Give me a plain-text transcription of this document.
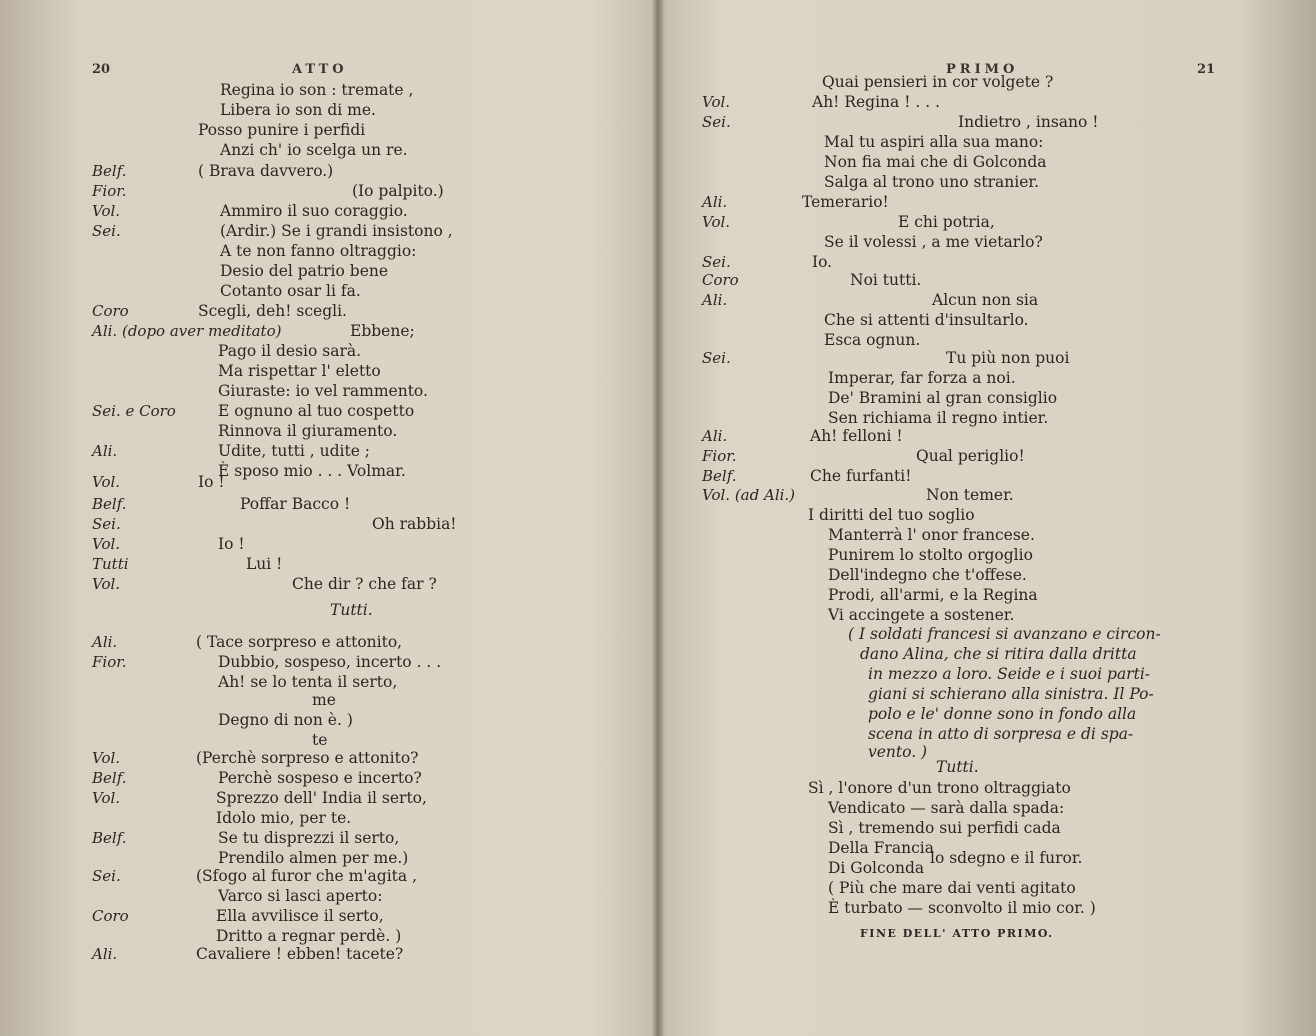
20	ATTO
Regina io son : tremate ,
Libera io son di me.
Posso punire i perfidi
Anzi ch' io scelga un re.
Belf.	( Brava davvero.)
Fior.	(Io palpito.)
Vol.	Ammiro il suo coraggio.
Sei.	(Ardir.) Se i grandi insistono ,
A te non fanno oltraggio:
Desio del patrio bene
Cotanto osar li fa.
Coro	Scegli, deh! scegli.
Ali. (dopo aver meditato)	Ebbene;
Pago il desio sarà.
Ma rispettar l' eletto
Giuraste: io vel rammento.
Sei. e Coro	E ognuno al tuo cospetto
Rinnova il giuramento.
Ali.	Udite, tutti , udite ;
È sposo mio . . . Volmar.
Vol.	Io !
Belf.	Poffar Bacco !
Sei.	Oh rabbia!
Vol.	Io !
Tutti	Lui !
Vol.	Che dir ? che far ?
Tutti.
Ali.	( Tace sorpreso e attonito,
Fior.	Dubbio, sospeso, incerto . . .
Ah! se lo tenta il serto,
me
Degno di non è. )
te
Vol.	(Perchè sorpreso e attonito?
Belf.	Perchè sospeso e incerto?
Vol.	Sprezzo dell' India il serto,
Idolo mio, per te.
Belf.	Se tu disprezzi il serto,
Prendilo almen per me.)
Sei.	(Sfogo al furor che m'agita ,
Varco si lasci aperto:
Coro	Ella avvilisce il serto,
Dritto a regnar perdè. )
Ali.	Cavaliere ! ebben! tacete?
PRIMO	21
Quai pensieri in cor volgete ?
Vol.	Ah! Regina ! . . .
Sei.	Indietro , insano !
Mal tu aspiri alla sua mano:
Non fia mai che di Golconda
Salga al trono uno stranier.
Ali.	Temerario!
Vol.	E chi potria,
Se il volessi , a me vietarlo?
Sei.	Io.
Coro	Noi tutti.
Ali.	Alcun non sia
Che si attenti d'insultarlo.
Esca ognun.
Sei.	Tu più non puoi
Imperar, far forza a noi.
De' Bramini al gran consiglio
Sen richiama il regno intier.
Ali.	Ah! felloni !
Fior.	Qual periglio!
Belf.	Che furfanti!
Vol. (ad Ali.)	Non temer.
I diritti del tuo soglio
Manterrà l' onor francese.
Punirem lo stolto orgoglio
Dell'indegno che t'offese.
Prodi, all'armi, e la Regina
Vi accingete a sostener.
( I soldati francesi si avanzano e circon-
dano Alina, che si ritira dalla dritta
in mezzo a loro. Seide e i suoi parti-
giani si schierano alla sinistra. Il Po-
polo e le' donne sono in fondo alla
scena in atto di sorpresa e di spa-
vento. )
Tutti.
Sì , l'onore d'un trono oltraggiato
Vendicato — sarà dalla spada:
Sì , tremendo sui perfidi cada
Della Francia
Di Golconda
lo sdegno e il furor.
( Più che mare dai venti agitato
È turbato — sconvolto il mio cor. )
FINE DELL' ATTO PRIMO.
